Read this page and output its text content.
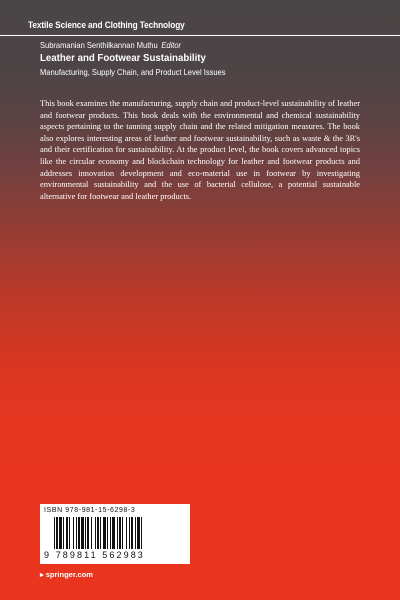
Textile Science and Clothing Technology
Subramanian Senthilkannan Muthu Editor
Leather and Footwear Sustainability
Manufacturing, Supply Chain, and Product Level Issues
This book examines the manufacturing, supply chain and product-level sustainability of leather and footwear products. This book deals with the environmental and chemical sustainability aspects pertaining to the tanning supply chain and the related mitigation measures. The book also explores interesting areas of leather and footwear sustainability, such as waste & the 3R's and their certification for sustainability. At the product level, the book covers advanced topics like the circular economy and blockchain technology for leather and footwear products and addresses innovation development and eco-material use in footwear by investigating environmental sustainability and the use of bacterial cellulose, a potential sustainable alternative for footwear and leather products.
ISBN 978-981-15-6298-3
9 789811 562983
▸ springer.com
